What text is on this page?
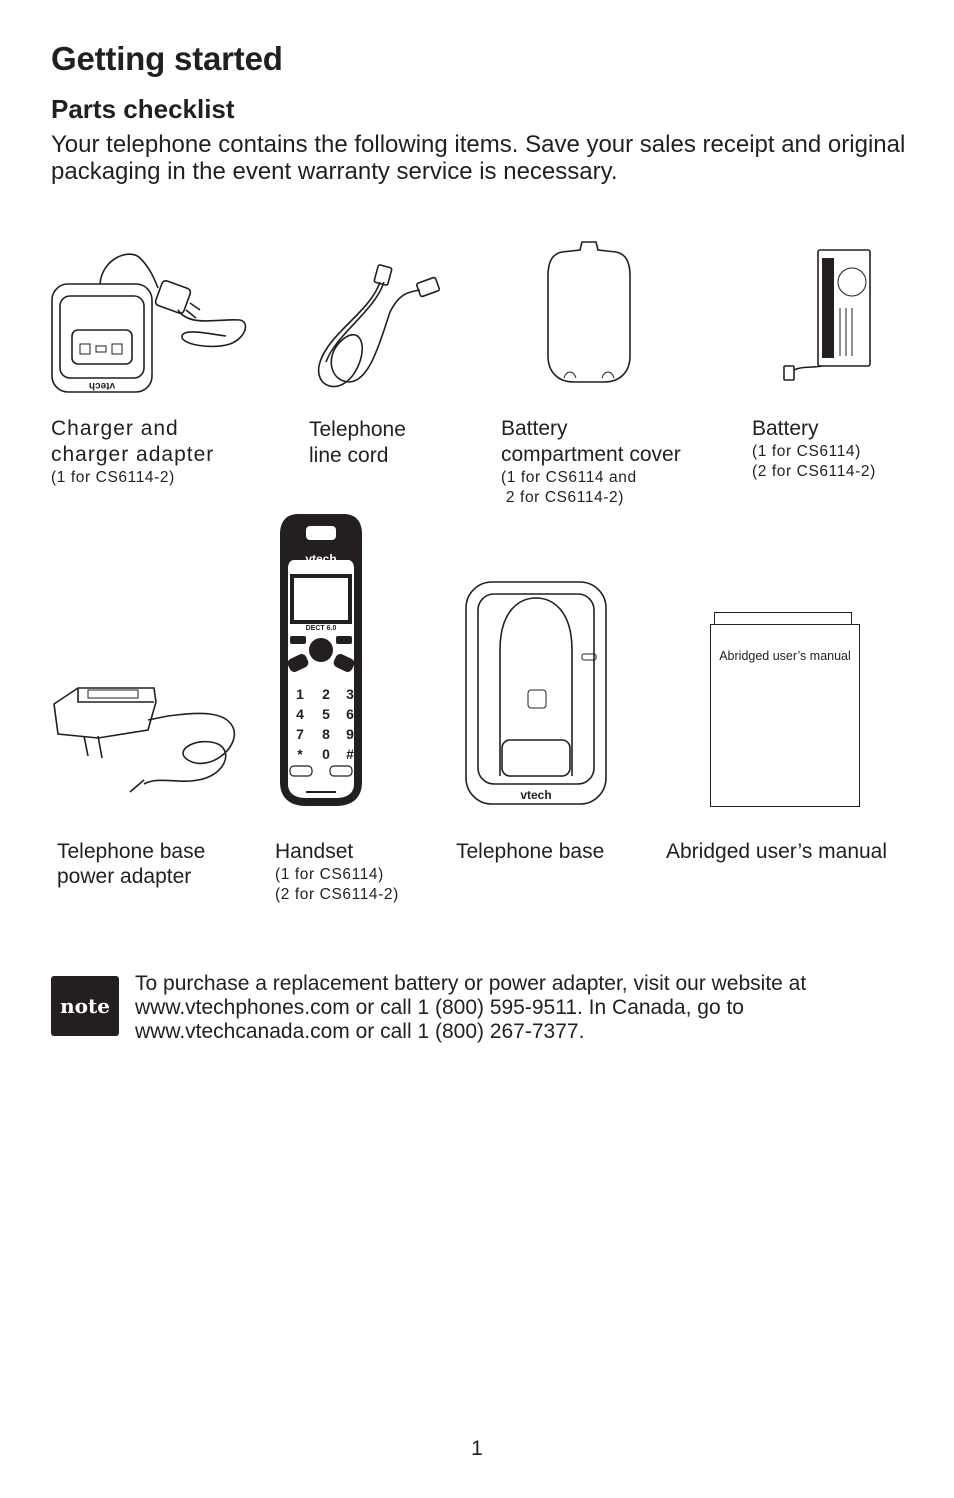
Getting started
Parts checklist

Your telephone contains the following items. Save your sales receipt and original packaging in the event warranty service is necessary.

vtech
Charger and
charger adapter
(1 for CS6114-2)
Telephone
line cord
Battery
compartment cover
(1 for CS6114 and
2 for CS6114-2)
Battery
(1 for CS6114)
(2 for CS6114-2)
vtech
DECT 6.0
1 2 3
4 5 6
7 8 9
* 0 #
vtech
Abridged user’s manual
Telephone base
power adapter
Handset
(1 for CS6114)
(2 for CS6114-2)
Telephone base	Abridged user’s manual
note
To purchase a replacement battery or power adapter, visit our website at www.vtechphones.com or call 1 (800) 595-9511. In Canada, go to www.vtechcanada.com or call 1 (800) 267-7377.
1
